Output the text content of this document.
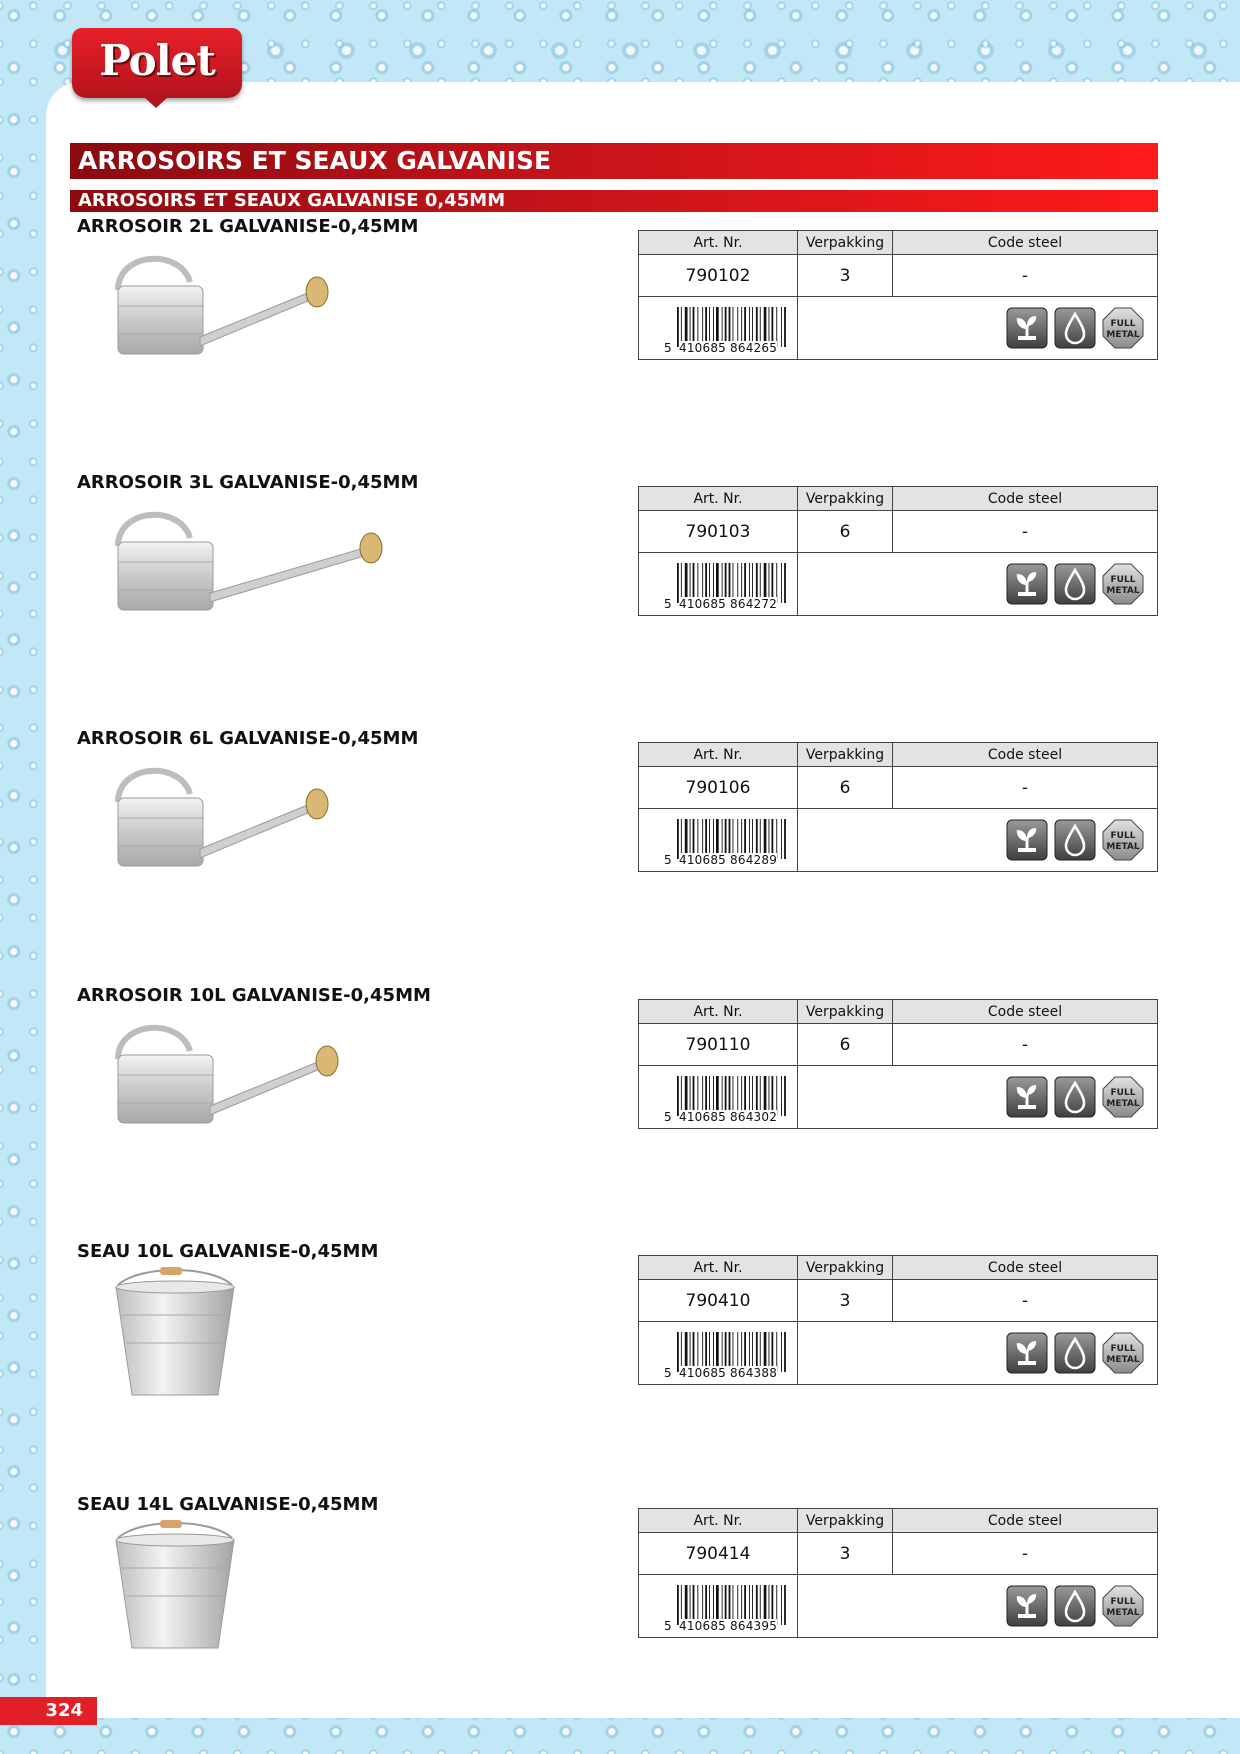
Polet
ARROSOIRS ET SEAUX GALVANISE
ARROSOIRS ET SEAUX GALVANISE 0,45MM
ARROSOIR 2L GALVANISE-0,45MM
Art. Nr.	Verpakking	Code steel
790102	3	-
5 410685 864265
FULL
METAL
ARROSOIR 3L GALVANISE-0,45MM
Art. Nr.	Verpakking	Code steel
790103	6	-
5 410685 864272
FULL
METAL
ARROSOIR 6L GALVANISE-0,45MM
Art. Nr.	Verpakking	Code steel
790106	6	-
5 410685 864289
FULL
METAL
ARROSOIR 10L GALVANISE-0,45MM
Art. Nr.	Verpakking	Code steel
790110	6	-
5 410685 864302
FULL
METAL
SEAU 10L GALVANISE-0,45MM
Art. Nr.	Verpakking	Code steel
790410	3	-
5 410685 864388
FULL
METAL
SEAU 14L GALVANISE-0,45MM
Art. Nr.	Verpakking	Code steel
790414	3	-
5 410685 864395
FULL
METAL
324
